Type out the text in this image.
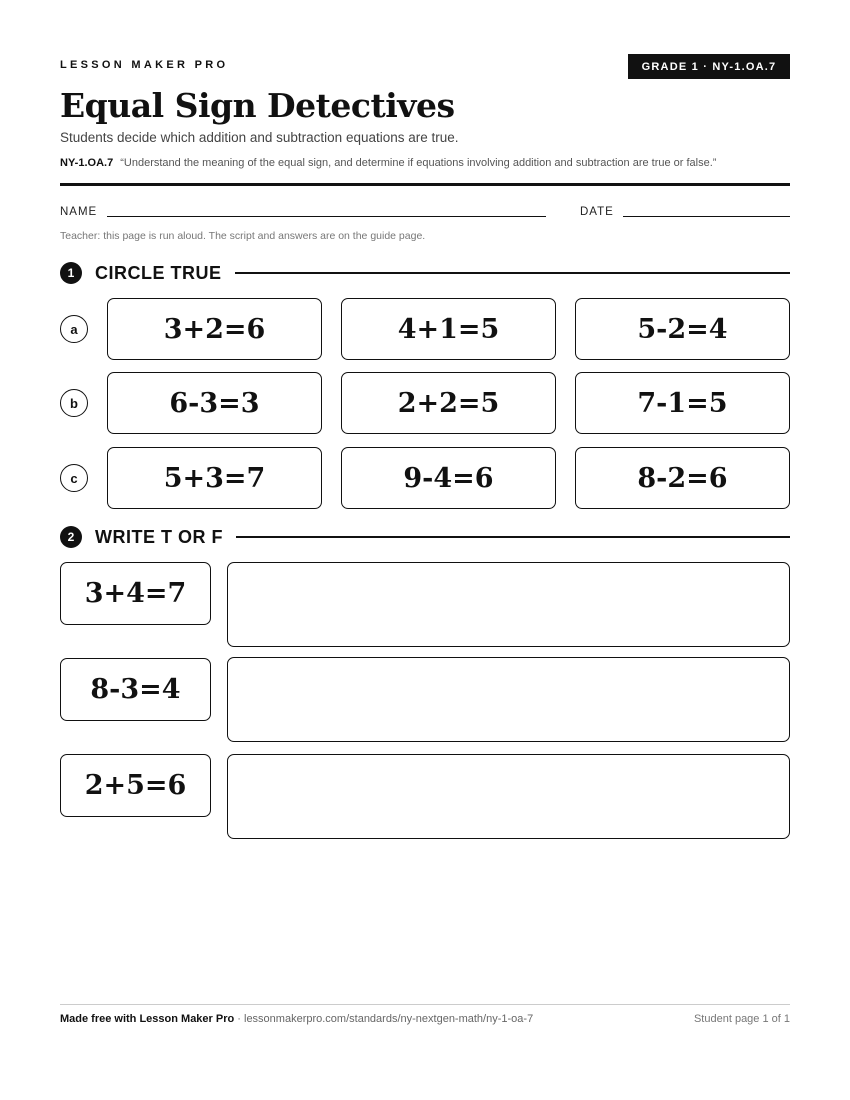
LESSON MAKER PRO	GRADE 1 · NY-1.OA.7
Equal Sign Detectives
Students decide which addition and subtraction equations are true.
NY-1.OA.7 “Understand the meaning of the equal sign, and determine if equations involving addition and subtraction are true or false.”
NAME	DATE
Teacher: this page is run aloud. The script and answers are on the guide page.
1	CIRCLE TRUE
a	3+2=6	4+1=5	5-2=4
b	6-3=3	2+2=5	7-1=5
c	5+3=7	9-4=6	8-2=6
2	WRITE T OR F
3+4=7
8-3=4
2+5=6
Made free with Lesson Maker Pro · lessonmakerpro.com/standards/ny-nextgen-math/ny-1-oa-7	Student page 1 of 1
